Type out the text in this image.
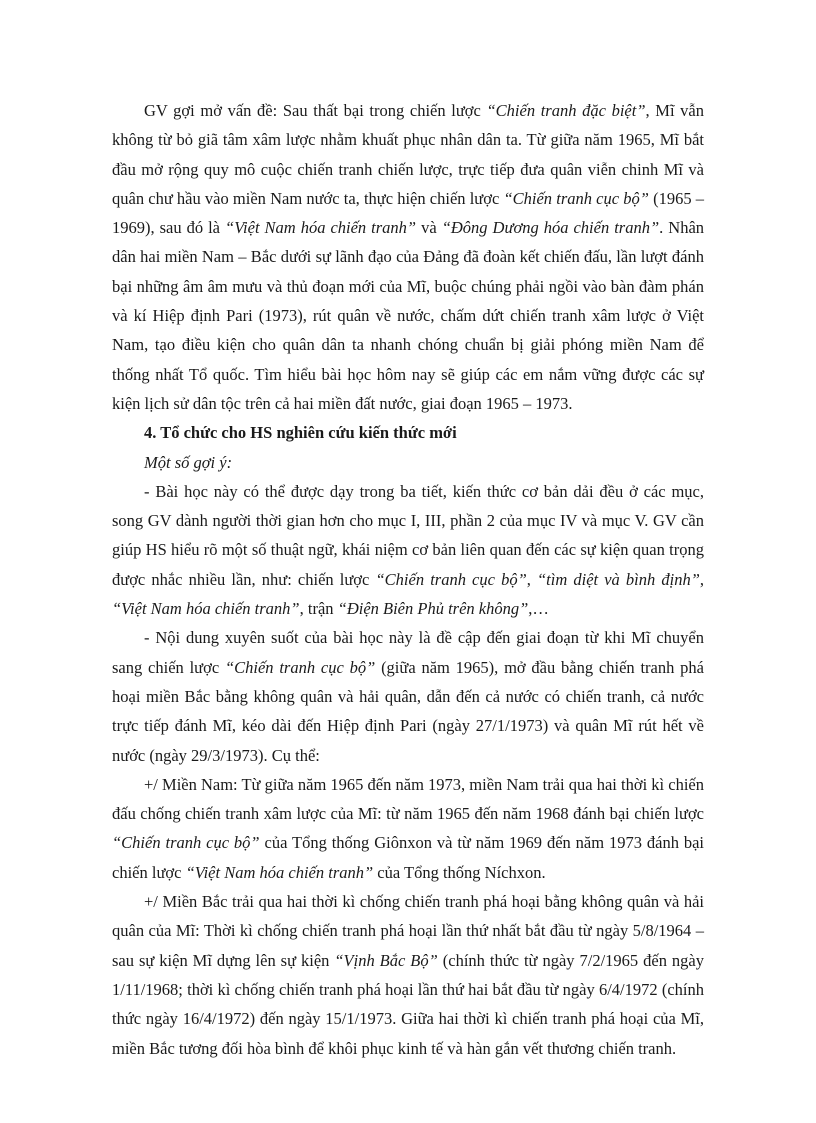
GV gợi mở vấn đề: Sau thất bại trong chiến lược “Chiến tranh đặc biệt”, Mĩ vẫn không từ bỏ giã tâm xâm lược nhằm khuất phục nhân dân ta. Từ giữa năm 1965, Mĩ bắt đầu mở rộng quy mô cuộc chiến tranh chiến lược, trực tiếp đưa quân viễn chinh Mĩ và quân chư hầu vào miền Nam nước ta, thực hiện chiến lược “Chiến tranh cục bộ” (1965 – 1969), sau đó là “Việt Nam hóa chiến tranh” và “Đông Dương hóa chiến tranh”. Nhân dân hai miền Nam – Bắc dưới sự lãnh đạo của Đảng đã đoàn kết chiến đấu, lần lượt đánh bại những âm âm mưu và thủ đoạn mới của Mĩ, buộc chúng phải ngồi vào bàn đàm phán và kí Hiệp định Pari (1973), rút quân về nước, chấm dứt chiến tranh xâm lược ở Việt Nam, tạo điều kiện cho quân dân ta nhanh chóng chuẩn bị giải phóng miền Nam để thống nhất Tổ quốc. Tìm hiểu bài học hôm nay sẽ giúp các em nắm vững được các sự kiện lịch sử dân tộc trên cả hai miền đất nước, giai đoạn 1965 – 1973.

4. Tổ chức cho HS nghiên cứu kiến thức mới

Một số gợi ý:

- Bài học này có thể được dạy trong ba tiết, kiến thức cơ bản dải đều ở các mục, song GV dành người thời gian hơn cho mục I, III, phần 2 của mục IV và mục V. GV cần giúp HS hiểu rõ một số thuật ngữ, khái niệm cơ bản liên quan đến các sự kiện quan trọng được nhắc nhiều lần, như: chiến lược “Chiến tranh cục bộ”, “tìm diệt và bình định”, “Việt Nam hóa chiến tranh”, trận “Điện Biên Phủ trên không”,…

- Nội dung xuyên suốt của bài học này là đề cập đến giai đoạn từ khi Mĩ chuyển sang chiến lược “Chiến tranh cục bộ” (giữa năm 1965), mở đầu bằng chiến tranh phá hoại miền Bắc bằng không quân và hải quân, dẫn đến cả nước có chiến tranh, cả nước trực tiếp đánh Mĩ, kéo dài đến Hiệp định Pari (ngày 27/1/1973) và quân Mĩ rút hết về nước (ngày 29/3/1973). Cụ thể:

+/ Miền Nam: Từ giữa năm 1965 đến năm 1973, miền Nam trải qua hai thời kì chiến đấu chống chiến tranh xâm lược của Mĩ: từ năm 1965 đến năm 1968 đánh bại chiến lược “Chiến tranh cục bộ” của Tổng thống Giônxon và từ năm 1969 đến năm 1973 đánh bại chiến lược “Việt Nam hóa chiến tranh” của Tổng thống Níchxon.

+/ Miền Bắc trải qua hai thời kì chống chiến tranh phá hoại bằng không quân và hải quân của Mĩ: Thời kì chống chiến tranh phá hoại lần thứ nhất bắt đầu từ ngày 5/8/1964 – sau sự kiện Mĩ dựng lên sự kiện “Vịnh Bắc Bộ” (chính thức từ ngày 7/2/1965 đến ngày 1/11/1968; thời kì chống chiến tranh phá hoại lần thứ hai bắt đầu từ ngày 6/4/1972 (chính thức ngày 16/4/1972) đến ngày 15/1/1973. Giữa hai thời kì chiến tranh phá hoại của Mĩ, miền Bắc tương đối hòa bình để khôi phục kinh tế và hàn gắn vết thương chiến tranh.
